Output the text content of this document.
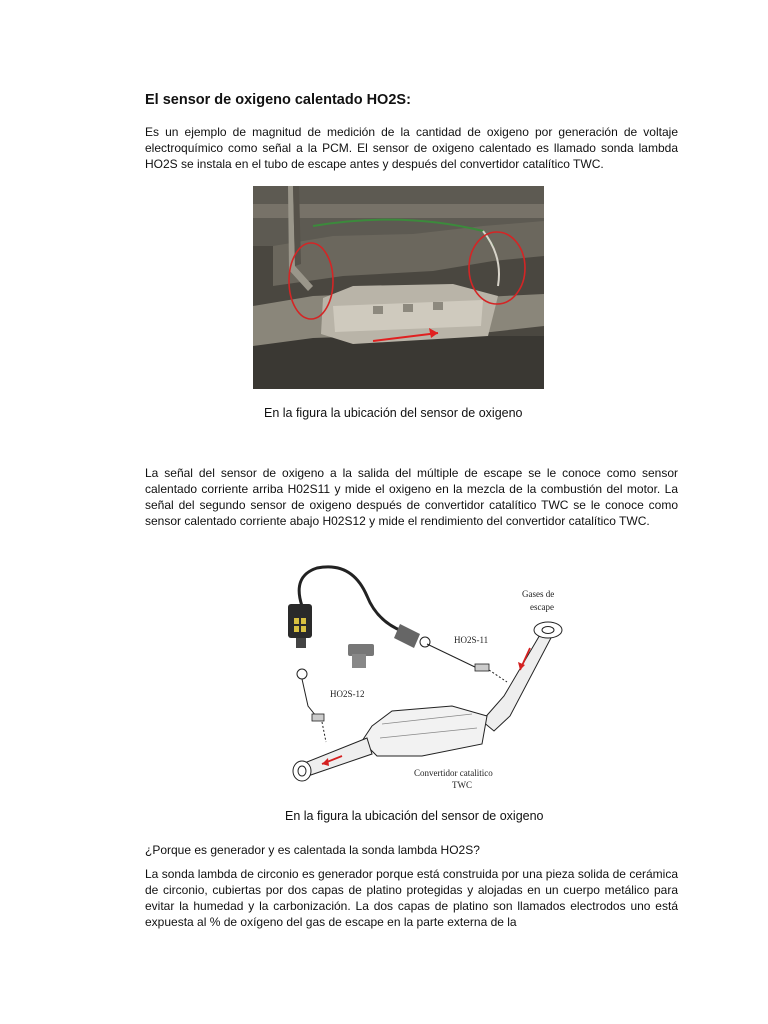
El sensor de oxigeno calentado HO2S:

Es un ejemplo de magnitud de medición de la cantidad de oxigeno por generación de voltaje electroquímico como señal a la PCM. El sensor de oxigeno calentado es llamado sonda lambda HO2S se instala en el tubo de escape antes y después del convertidor catalítico TWC.

En la figura la ubicación del sensor de oxigeno

La señal del sensor de oxigeno a la salida del múltiple de escape se le conoce como sensor calentado corriente arriba H02S11 y mide el oxigeno en la mezcla de la combustión del motor. La señal del segundo sensor de oxigeno después de convertidor catalítico TWC se le conoce como sensor calentado corriente abajo H02S12 y mide el rendimiento del convertidor catalítico TWC.

Gases de
escape
HO2S-11
HO2S-12
Convertidor catalitico
TWC

En la figura la ubicación del sensor de oxigeno

¿Porque es generador y es calentada la sonda lambda HO2S?

La sonda lambda de circonio es generador porque está construida por una pieza solida de cerámica de circonio, cubiertas por dos capas de platino protegidas y alojadas en un cuerpo metálico para evitar la humedad y la carbonización. La dos capas de platino son llamados electrodos uno está expuesta al % de oxígeno del gas de escape en la parte externa de la
